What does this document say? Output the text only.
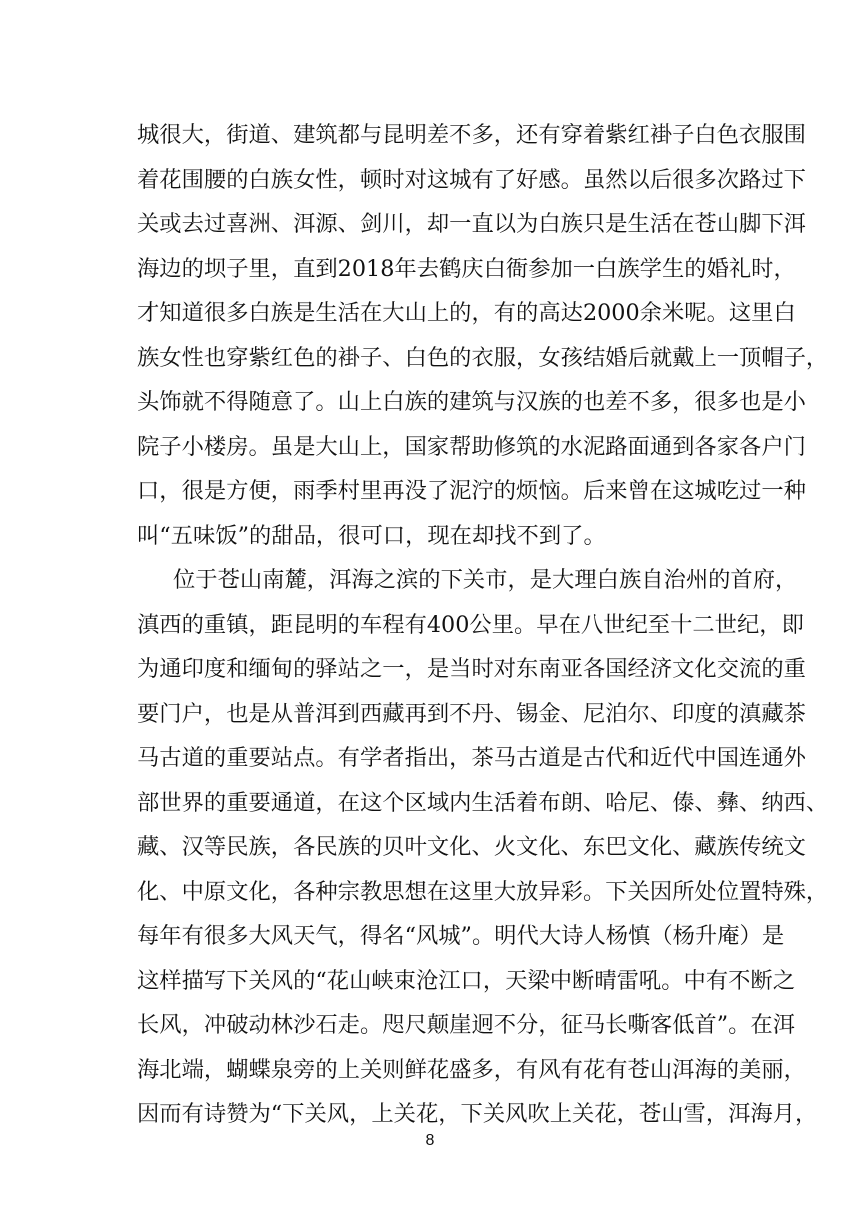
城很大，街道、建筑都与昆明差不多，还有穿着紫红褂子白色衣服围
着花围腰的白族女性，顿时对这城有了好感。虽然以后很多次路过下
关或去过喜洲、洱源、剑川，却一直以为白族只是生活在苍山脚下洱
海边的坝子里，直到2018年去鹤庆白衙参加一白族学生的婚礼时，
才知道很多白族是生活在大山上的，有的高达2000余米呢。这里白
族女性也穿紫红色的褂子、白色的衣服，女孩结婚后就戴上一顶帽子，
头饰就不得随意了。山上白族的建筑与汉族的也差不多，很多也是小
院子小楼房。虽是大山上，国家帮助修筑的水泥路面通到各家各户门
口，很是方便，雨季村里再没了泥泞的烦恼。后来曾在这城吃过一种
叫“五味饭”的甜品，很可口，现在却找不到了。
位于苍山南麓，洱海之滨的下关市，是大理白族自治州的首府，
滇西的重镇，距昆明的车程有400公里。早在八世纪至十二世纪，即
为通印度和缅甸的驿站之一，是当时对东南亚各国经济文化交流的重
要门户，也是从普洱到西藏再到不丹、锡金、尼泊尔、印度的滇藏茶
马古道的重要站点。有学者指出，茶马古道是古代和近代中国连通外
部世界的重要通道，在这个区域内生活着布朗、哈尼、傣、彝、纳西、
藏、汉等民族，各民族的贝叶文化、火文化、东巴文化、藏族传统文
化、中原文化，各种宗教思想在这里大放异彩。下关因所处位置特殊，
每年有很多大风天气，得名“风城”。明代大诗人杨慎（杨升庵）是
这样描写下关风的“花山峡束沧江口，天梁中断晴雷吼。中有不断之
长风，冲破动林沙石走。咫尺颠崖迥不分，征马长嘶客低首”。在洱
海北端，蝴蝶泉旁的上关则鲜花盛多，有风有花有苍山洱海的美丽，
因而有诗赞为“下关风，上关花，下关风吹上关花，苍山雪，洱海月，
8
